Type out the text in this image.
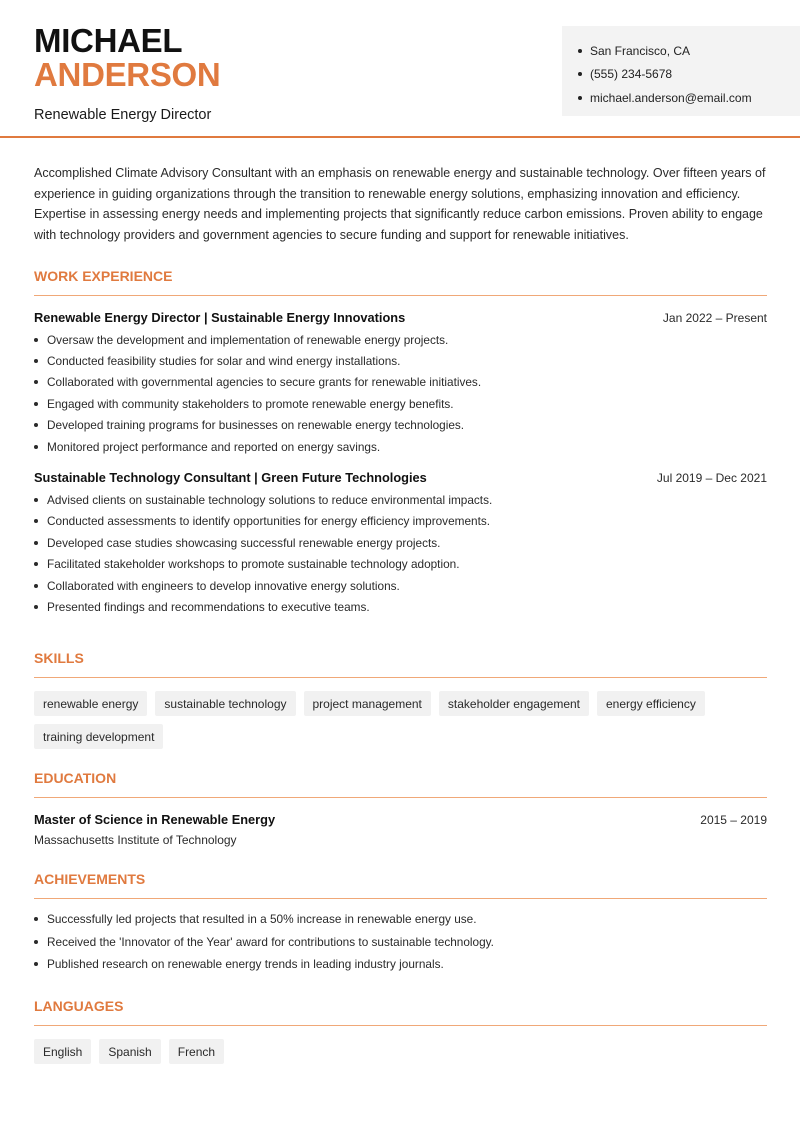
MICHAEL
ANDERSON
Renewable Energy Director
San Francisco, CA
(555) 234-5678
michael.anderson@email.com

Accomplished Climate Advisory Consultant with an emphasis on renewable energy and sustainable technology. Over fifteen years of experience in guiding organizations through the transition to renewable energy solutions, emphasizing innovation and efficiency. Expertise in assessing energy needs and implementing projects that significantly reduce carbon emissions. Proven ability to engage with technology providers and government agencies to secure funding and support for renewable initiatives.

WORK EXPERIENCE
Renewable Energy Director | Sustainable Energy Innovations	Jan 2022 – Present
Oversaw the development and implementation of renewable energy projects.
Conducted feasibility studies for solar and wind energy installations.
Collaborated with governmental agencies to secure grants for renewable initiatives.
Engaged with community stakeholders to promote renewable energy benefits.
Developed training programs for businesses on renewable energy technologies.
Monitored project performance and reported on energy savings.
Sustainable Technology Consultant | Green Future Technologies	Jul 2019 – Dec 2021
Advised clients on sustainable technology solutions to reduce environmental impacts.
Conducted assessments to identify opportunities for energy efficiency improvements.
Developed case studies showcasing successful renewable energy projects.
Facilitated stakeholder workshops to promote sustainable technology adoption.
Collaborated with engineers to develop innovative energy solutions.
Presented findings and recommendations to executive teams.
SKILLS
renewable energy	sustainable technology	project management	stakeholder engagement	energy efficiency
training development
EDUCATION
Master of Science in Renewable Energy	2015 – 2019
Massachusetts Institute of Technology
ACHIEVEMENTS
Successfully led projects that resulted in a 50% increase in renewable energy use.
Received the 'Innovator of the Year' award for contributions to sustainable technology.
Published research on renewable energy trends in leading industry journals.
LANGUAGES
English	Spanish	French
